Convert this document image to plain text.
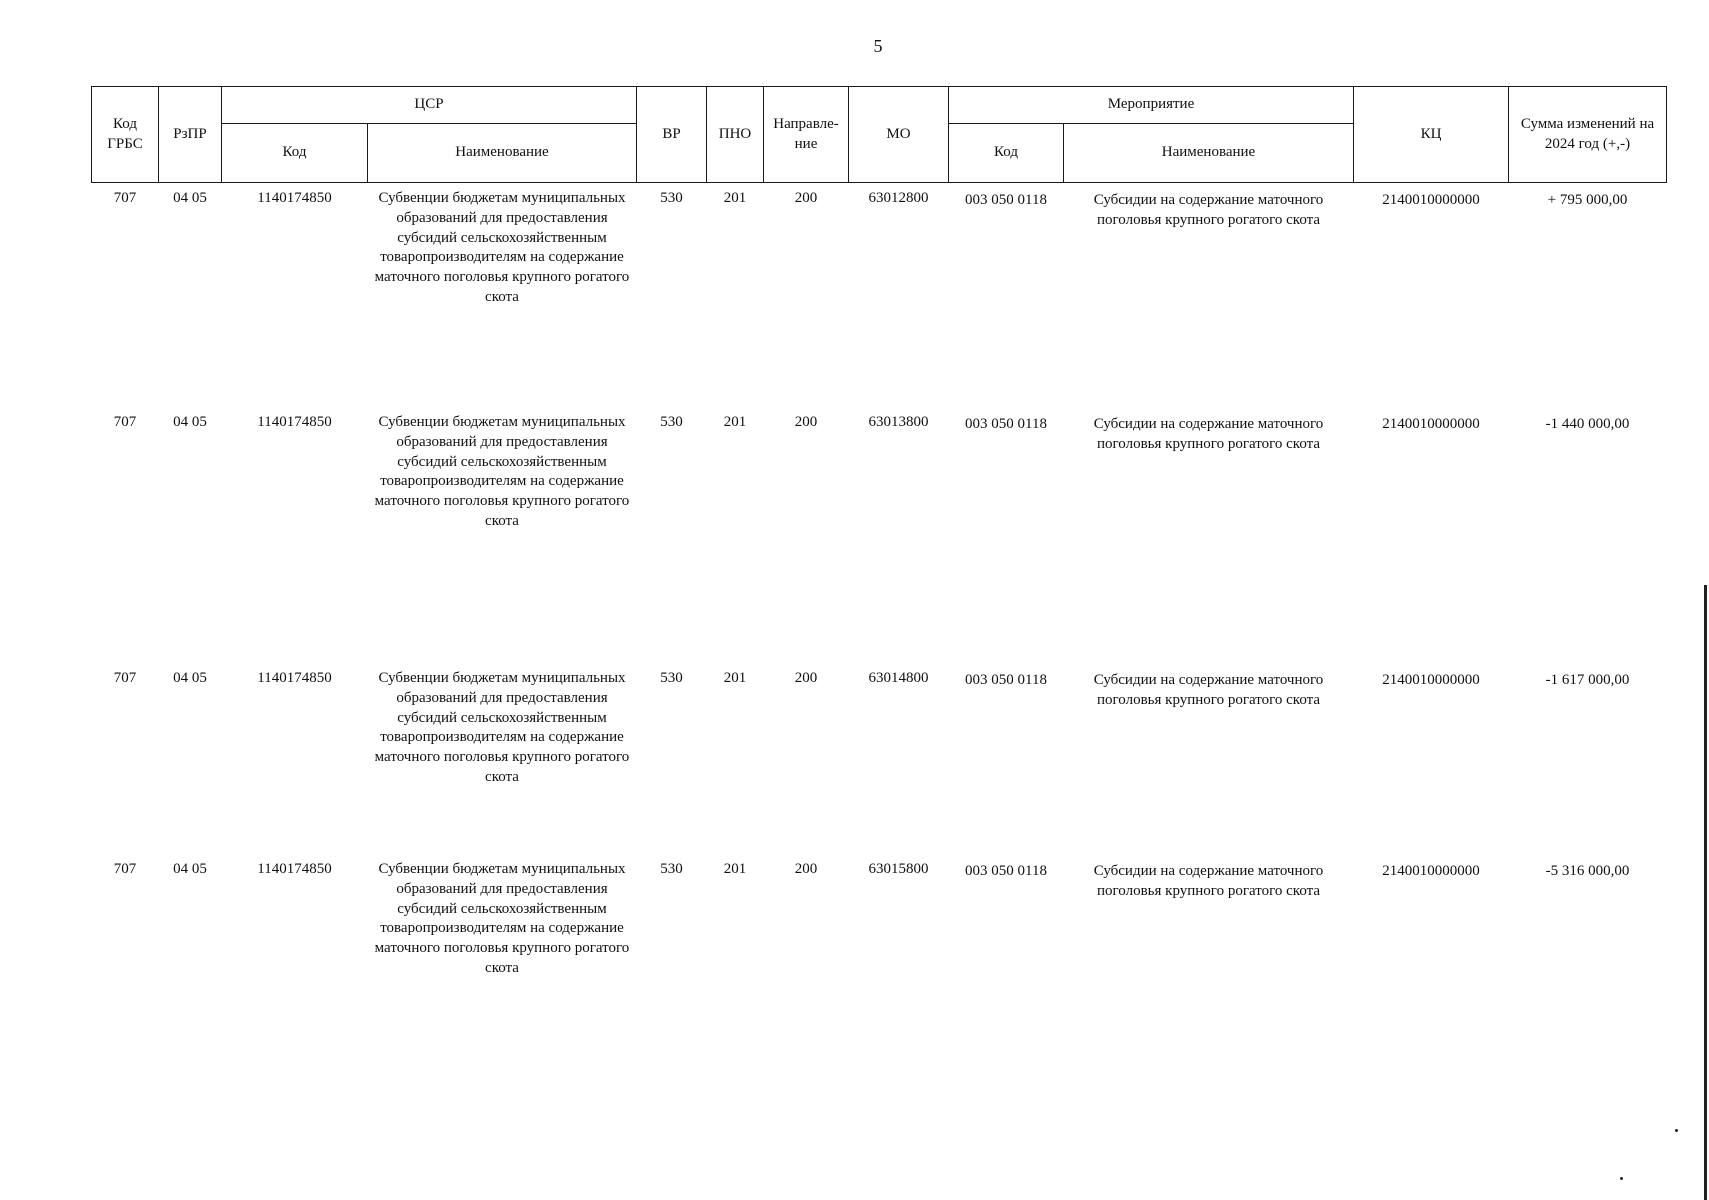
5
Код ГРБС	РзПР	ЦСР		ВР	ПНО	Направле-ние	МО	Мероприятие		КЦ	Сумма изменений на 2024 год (+,-)
		Код	Наименование					Код	Наименование		
707	04 05	1140174850	Субвенции бюджетам муниципальных образований для предоставления субсидий сельскохозяйственным товаропроизводителям на содержание маточного поголовья крупного рогатого скота	530	201	200	63012800	003 050 0118	Субсидии на содержание маточного поголовья крупного рогатого скота	2140010000000	+ 795 000,00
707	04 05	1140174850	Субвенции бюджетам муниципальных образований для предоставления субсидий сельскохозяйственным товаропроизводителям на содержание маточного поголовья крупного рогатого скота	530	201	200	63013800	003 050 0118	Субсидии на содержание маточного поголовья крупного рогатого скота	2140010000000	-1 440 000,00
707	04 05	1140174850	Субвенции бюджетам муниципальных образований для предоставления субсидий сельскохозяйственным товаропроизводителям на содержание маточного поголовья крупного рогатого скота	530	201	200	63014800	003 050 0118	Субсидии на содержание маточного поголовья крупного рогатого скота	2140010000000	-1 617 000,00
707	04 05	1140174850	Субвенции бюджетам муниципальных образований для предоставления субсидий сельскохозяйственным товаропроизводителям на содержание маточного поголовья крупного рогатого скота	530	201	200	63015800	003 050 0118	Субсидии на содержание маточного поголовья крупного рогатого скота	2140010000000	-5 316 000,00
